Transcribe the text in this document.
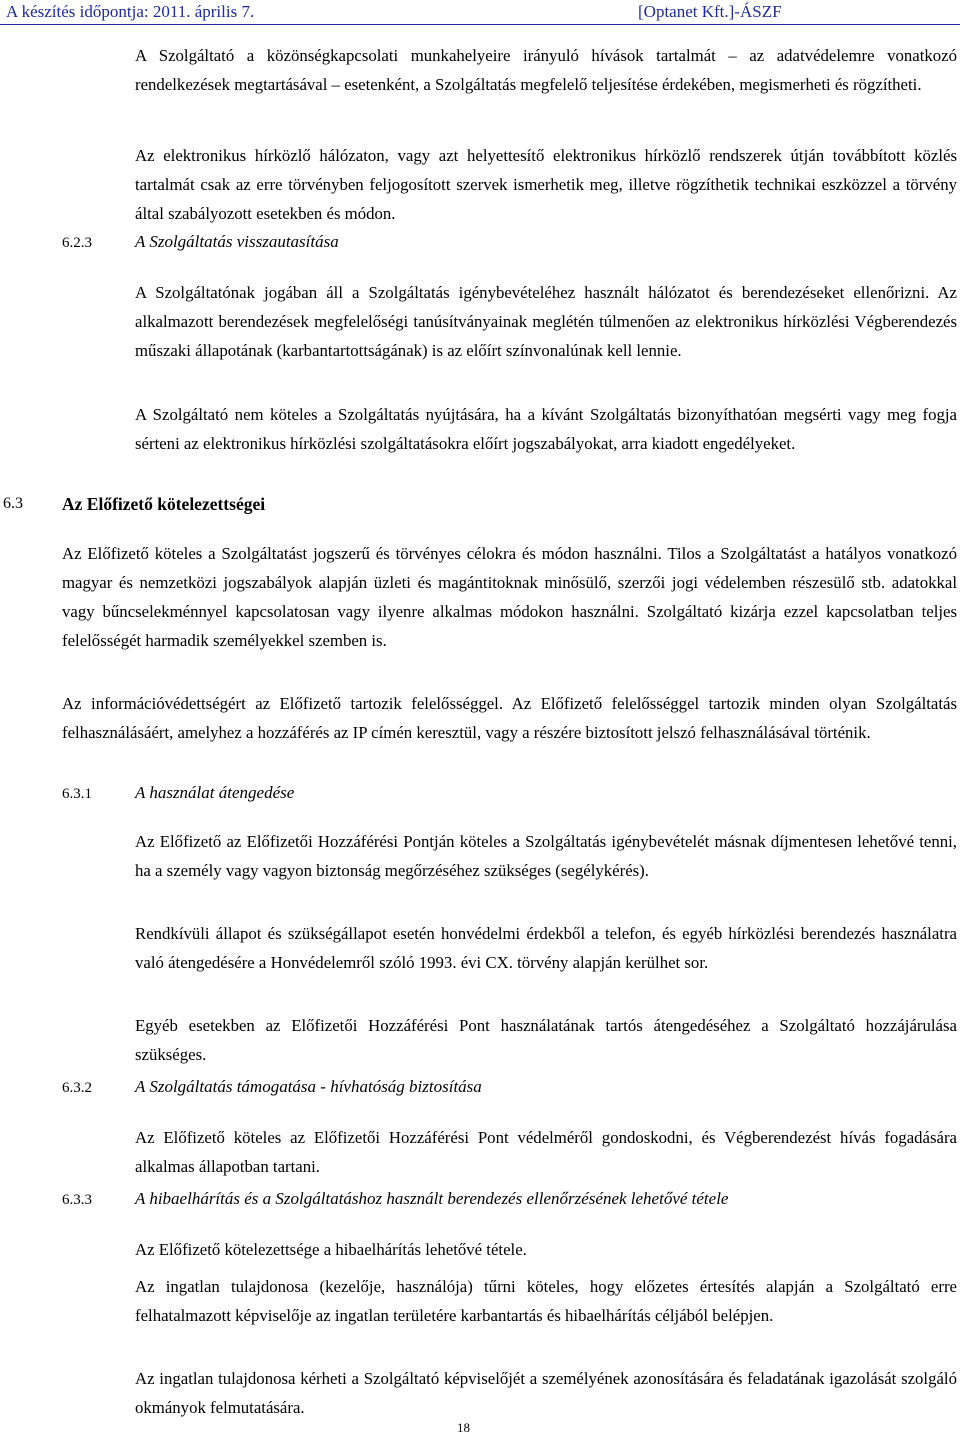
A készítés időpontja: 2011. április 7.	[Optanet Kft.]-ÁSZF

A Szolgáltató a közönségkapcsolati munkahelyeire irányuló hívások tartalmát – az adatvédelemre vonatkozó rendelkezések megtartásával – esetenként, a Szolgáltatás megfelelő teljesítése érdekében, megismerheti és rögzítheti.

Az elektronikus hírközlő hálózaton, vagy azt helyettesítő elektronikus hírközlő rendszerek útján továbbított közlés tartalmát csak az erre törvényben feljogosított szervek ismerhetik meg, illetve rögzíthetik technikai eszközzel a törvény által szabályozott esetekben és módon.

6.2.3	A Szolgáltatás visszautasítása

A Szolgáltatónak jogában áll a Szolgáltatás igénybevételéhez használt hálózatot és berendezéseket ellenőrizni. Az alkalmazott berendezések megfelelőségi tanúsítványainak meglétén túlmenően az elektronikus hírközlési Végberendezés műszaki állapotának (karbantartottságának) is az előírt színvonalúnak kell lennie.

A Szolgáltató nem köteles a Szolgáltatás nyújtására, ha a kívánt Szolgáltatás bizonyíthatóan megsérti vagy meg fogja sérteni az elektronikus hírközlési szolgáltatásokra előírt jogszabályokat, arra kiadott engedélyeket.

6.3 Az Előfizető kötelezettségei

Az Előfizető köteles a Szolgáltatást jogszerű és törvényes célokra és módon használni. Tilos a Szolgáltatást a hatályos vonatkozó magyar és nemzetközi jogszabályok alapján üzleti és magántitoknak minősülő, szerzői jogi védelemben részesülő stb. adatokkal vagy bűncselekménnyel kapcsolatosan vagy ilyenre alkalmas módokon használni. Szolgáltató kizárja ezzel kapcsolatban teljes felelősségét harmadik személyekkel szemben is.

Az információvédettségért az Előfizető tartozik felelősséggel. Az Előfizető felelősséggel tartozik minden olyan Szolgáltatás felhasználásáért, amelyhez a hozzáférés az IP címén keresztül, vagy a részére biztosított jelszó felhasználásával történik.

6.3.1	A használat átengedése

Az Előfizető az Előfizetői Hozzáférési Pontján köteles a Szolgáltatás igénybevételét másnak díjmentesen lehetővé tenni, ha a személy vagy vagyon biztonság megőrzéséhez szükséges (segélykérés).

Rendkívüli állapot és szükségállapot esetén honvédelmi érdekből a telefon, és egyéb hírközlési berendezés használatra való átengedésére a Honvédelemről szóló 1993. évi CX. törvény alapján kerülhet sor.

Egyéb esetekben az Előfizetői Hozzáférési Pont használatának tartós átengedéséhez a Szolgáltató hozzájárulása szükséges.

6.3.2	A Szolgáltatás támogatása - hívhatóság biztosítása

Az Előfizető köteles az Előfizetői Hozzáférési Pont védelméről gondoskodni, és Végberendezést hívás fogadására alkalmas állapotban tartani.

6.3.3	A hibaelhárítás és a Szolgáltatáshoz használt berendezés ellenőrzésének lehetővé tétele

Az Előfizető kötelezettsége a hibaelhárítás lehetővé tétele.

Az ingatlan tulajdonosa (kezelője, használója) tűrni köteles, hogy előzetes értesítés alapján a Szolgáltató erre felhatalmazott képviselője az ingatlan területére karbantartás és hibaelhárítás céljából belépjen.

Az ingatlan tulajdonosa kérheti a Szolgáltató képviselőjét a személyének azonosítására és feladatának igazolását szolgáló okmányok felmutatására.

18
